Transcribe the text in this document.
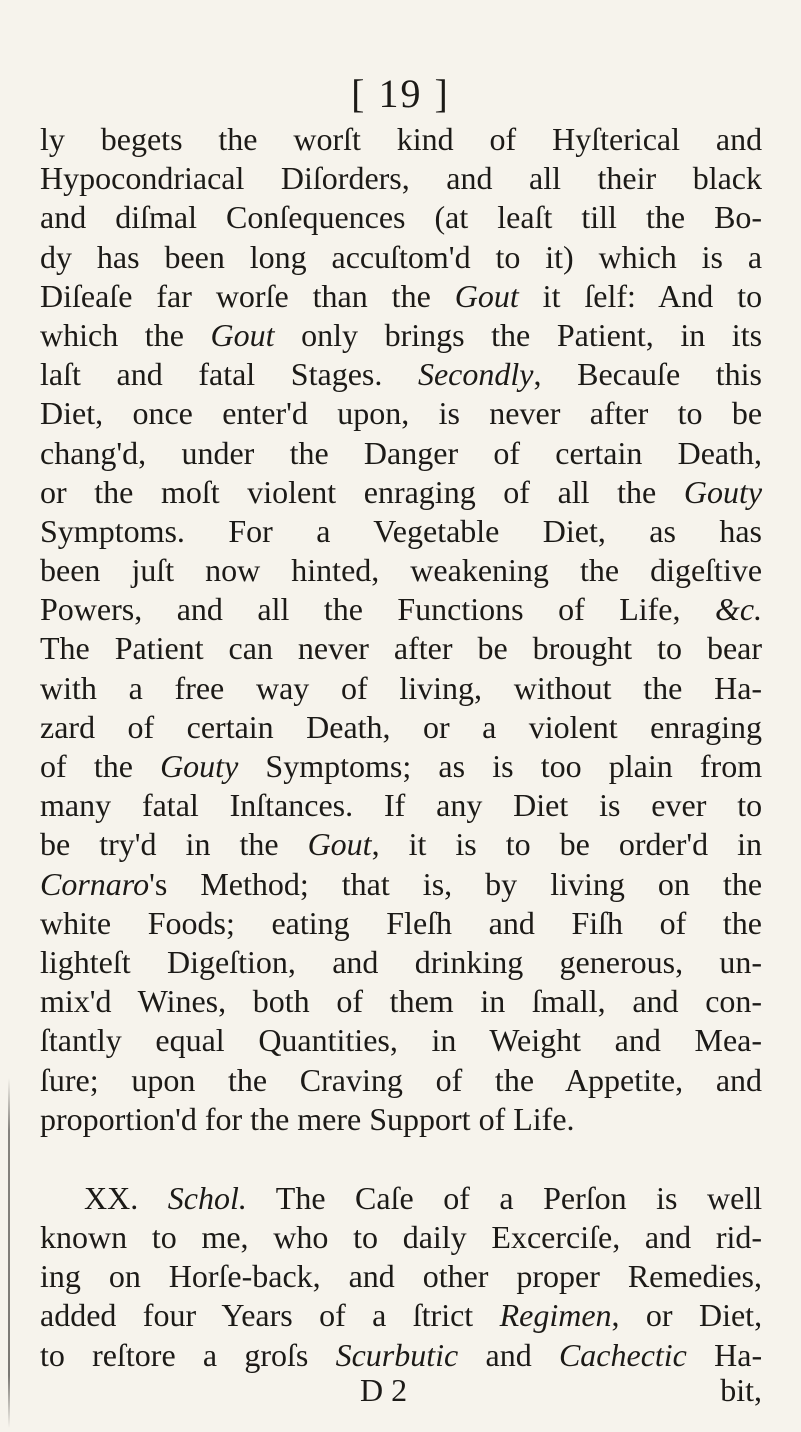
[ 19 ]
ly begets the worſt kind of Hyſterical and
Hypocondriacal Diſorders, and all their black
and diſmal Conſequences (at leaſt till the Bo-
dy has been long accuſtom'd to it) which is a
Diſeaſe far worſe than the Gout it ſelf: And to
which the Gout only brings the Patient, in its
laſt and fatal Stages. Secondly, Becauſe this
Diet, once enter'd upon, is never after to be
chang'd, under the Danger of certain Death,
or the moſt violent enraging of all the Gouty
Symptoms. For a Vegetable Diet, as has
been juſt now hinted, weakening the digeſtive
Powers, and all the Functions of Life, &c.
The Patient can never after be brought to bear
with a free way of living, without the Ha-
zard of certain Death, or a violent enraging
of the Gouty Symptoms; as is too plain from
many fatal Inſtances. If any Diet is ever to
be try'd in the Gout, it is to be order'd in
Cornaro's Method; that is, by living on the
white Foods; eating Fleſh and Fiſh of the
lighteſt Digeſtion, and drinking generous, un-
mix'd Wines, both of them in ſmall, and con-
ſtantly equal Quantities, in Weight and Mea-
ſure; upon the Craving of the Appetite, and
proportion'd for the mere Support of Life.
XX. Schol. The Caſe of a Perſon is well
known to me, who to daily Excerciſe, and rid-
ing on Horſe-back, and other proper Remedies,
added four Years of a ſtrict Regimen, or Diet,
to reſtore a groſs Scurbutic and Cachectic Ha-
D 2	bit,
